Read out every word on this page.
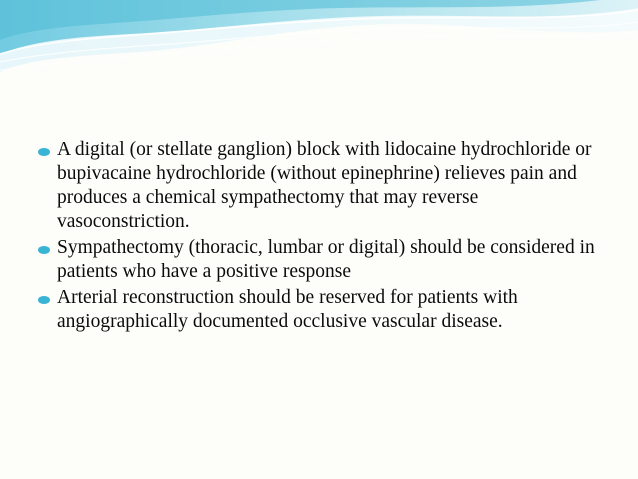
A digital (or stellate ganglion) block with lidocaine hydrochloride or bupivacaine hydrochloride (without epinephrine) relieves pain and produces a chemical sympathectomy that may reverse vasoconstriction.
Sympathectomy (thoracic, lumbar or digital) should be considered in patients who have a positive response
Arterial reconstruction should be reserved for patients with angiographically documented occlusive vascular disease.
